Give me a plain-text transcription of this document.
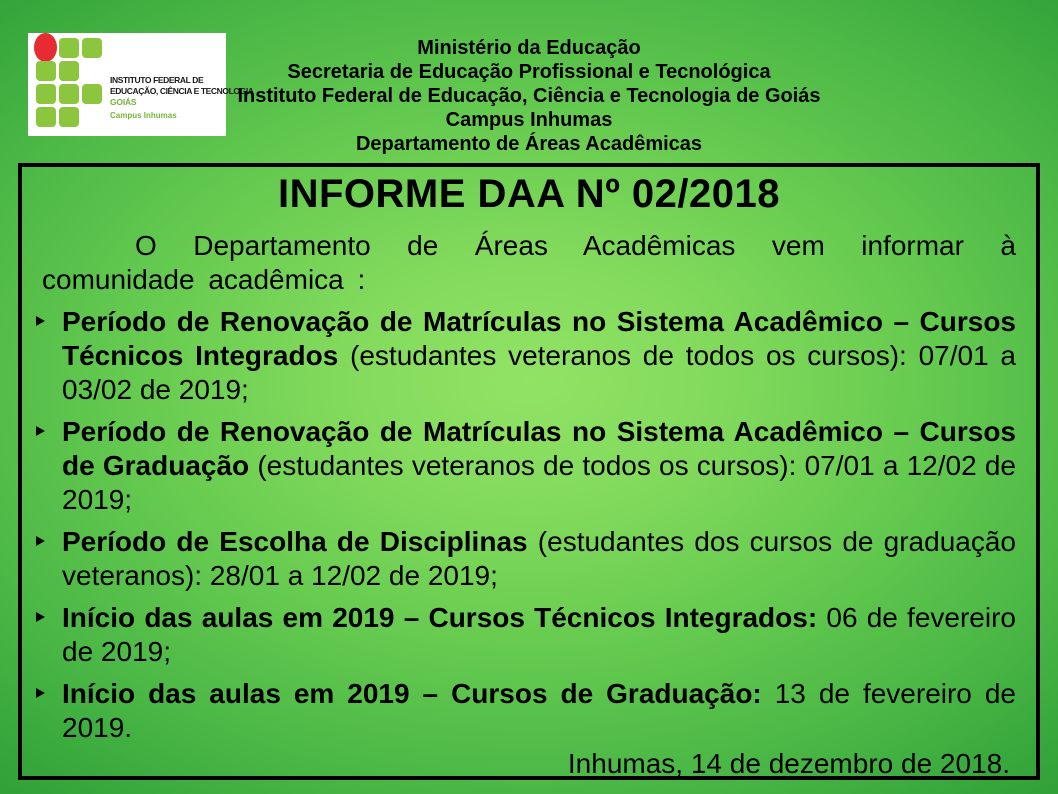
INSTITUTO FEDERAL DE
EDUCAÇÃO, CIÊNCIA E TECNOLOGIA
GOIÁS
Campus Inhumas
Ministério da Educação
Secretaria de Educação Profissional e Tecnológica
Instituto Federal de Educação, Ciência e Tecnologia de Goiás
Campus Inhumas
Departamento de Áreas Acadêmicas
INFORME DAA Nº 02/2018

O Departamento de Áreas Acadêmicas vem informar à comunidade acadêmica :

Período de Renovação de Matrículas no Sistema Acadêmico – Cursos Técnicos Integrados (estudantes veteranos de todos os cursos): 07/01 a 03/02 de 2019;
Período de Renovação de Matrículas no Sistema Acadêmico – Cursos de Graduação (estudantes veteranos de todos os cursos): 07/01 a 12/02 de 2019;
Período de Escolha de Disciplinas (estudantes dos cursos de graduação veteranos): 28/01 a 12/02 de 2019;
Início das aulas em 2019 – Cursos Técnicos Integrados: 06 de fevereiro de 2019;
Início das aulas em 2019 – Cursos de Graduação: 13 de fevereiro de 2019.
Inhumas, 14 de dezembro de 2018.
